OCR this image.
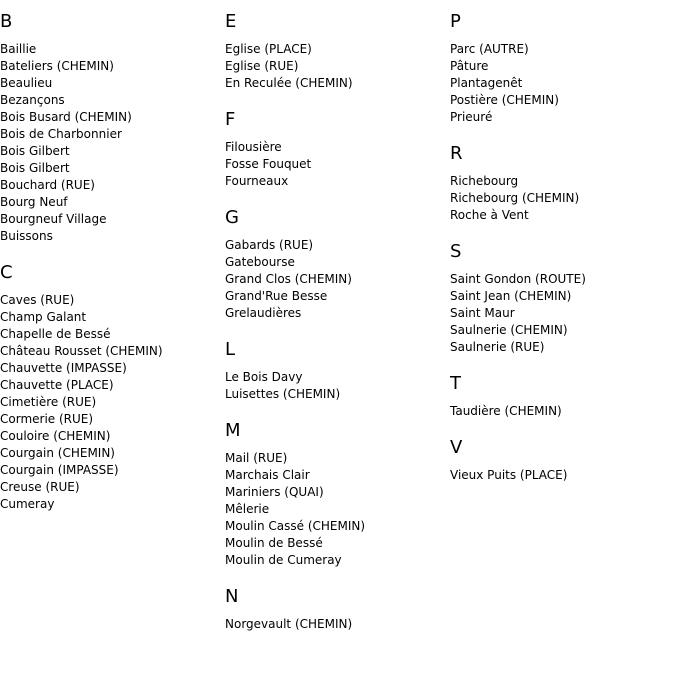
B
Baillie
Bateliers (CHEMIN)
Beaulieu
Bezançons
Bois Busard (CHEMIN)
Bois de Charbonnier
Bois Gilbert
Bois Gilbert
Bouchard (RUE)
Bourg Neuf
Bourgneuf Village
Buissons
C
Caves (RUE)
Champ Galant
Chapelle de Bessé
Château Rousset (CHEMIN)
Chauvette (IMPASSE)
Chauvette (PLACE)
Cimetière (RUE)
Cormerie (RUE)
Couloire (CHEMIN)
Courgain (CHEMIN)
Courgain (IMPASSE)
Creuse (RUE)
Cumeray
E
Eglise (PLACE)
Eglise (RUE)
En Reculée (CHEMIN)
F
Filousière
Fosse Fouquet
Fourneaux
G
Gabards (RUE)
Gatebourse
Grand Clos (CHEMIN)
Grand'Rue Besse
Grelaudières
L
Le Bois Davy
Luisettes (CHEMIN)
M
Mail (RUE)
Marchais Clair
Mariniers (QUAI)
Mêlerie
Moulin Cassé (CHEMIN)
Moulin de Bessé
Moulin de Cumeray
N
Norgevault (CHEMIN)
P
Parc (AUTRE)
Pâture
Plantagenêt
Postière (CHEMIN)
Prieuré
R
Richebourg
Richebourg (CHEMIN)
Roche à Vent
S
Saint Gondon (ROUTE)
Saint Jean (CHEMIN)
Saint Maur
Saulnerie (CHEMIN)
Saulnerie (RUE)
T
Taudière (CHEMIN)
V
Vieux Puits (PLACE)
